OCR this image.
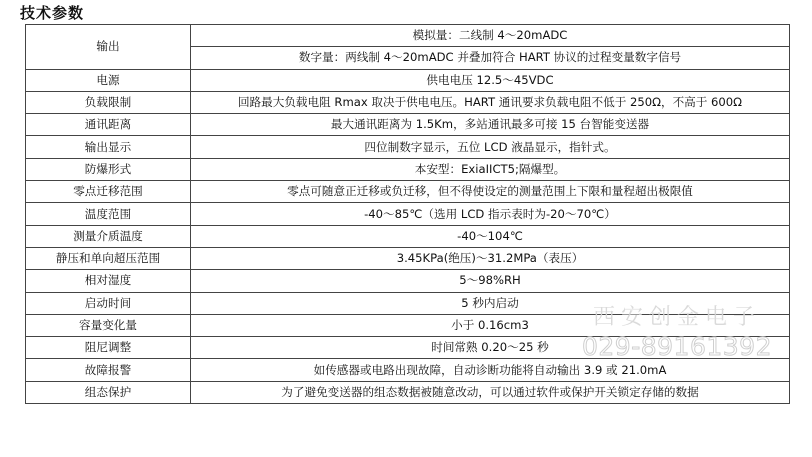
技术参数
输出	模拟量：二线制 4～20mADC
	数字量：两线制 4～20mADC 并叠加符合 HART 协议的过程变量数字信号
电源	供电电压 12.5～45VDC
负载限制	回路最大负载电阻 Rmax 取决于供电电压。HART 通讯要求负载电阻不低于 250Ω，不高于 600Ω
通讯距离	最大通讯距离为 1.5Km，多站通讯最多可接 15 台智能变送器
输出显示	四位制数字显示，五位 LCD 液晶显示，指针式。
防爆形式	本安型：ExiaIICT5;隔爆型。
零点迁移范围	零点可随意正迁移或负迁移，但不得使设定的测量范围上下限和量程超出极限值
温度范围	-40～85℃（选用 LCD 指示表时为-20～70℃）
测量介质温度	-40～104℃
静压和单向超压范围	3.45KPa(绝压)～31.2MPa（表压）
相对湿度	5～98%RH
启动时间	5 秒内启动
容量变化量	小于 0.16cm3
阻尼调整	时间常熟 0.20～25 秒
故障报警	如传感器或电路出现故障，自动诊断功能将自动输出 3.9 或 21.0mA
组态保护	为了避免变送器的组态数据被随意改动，可以通过软件或保护开关锁定存储的数据
西安创金电子
029-89161392
